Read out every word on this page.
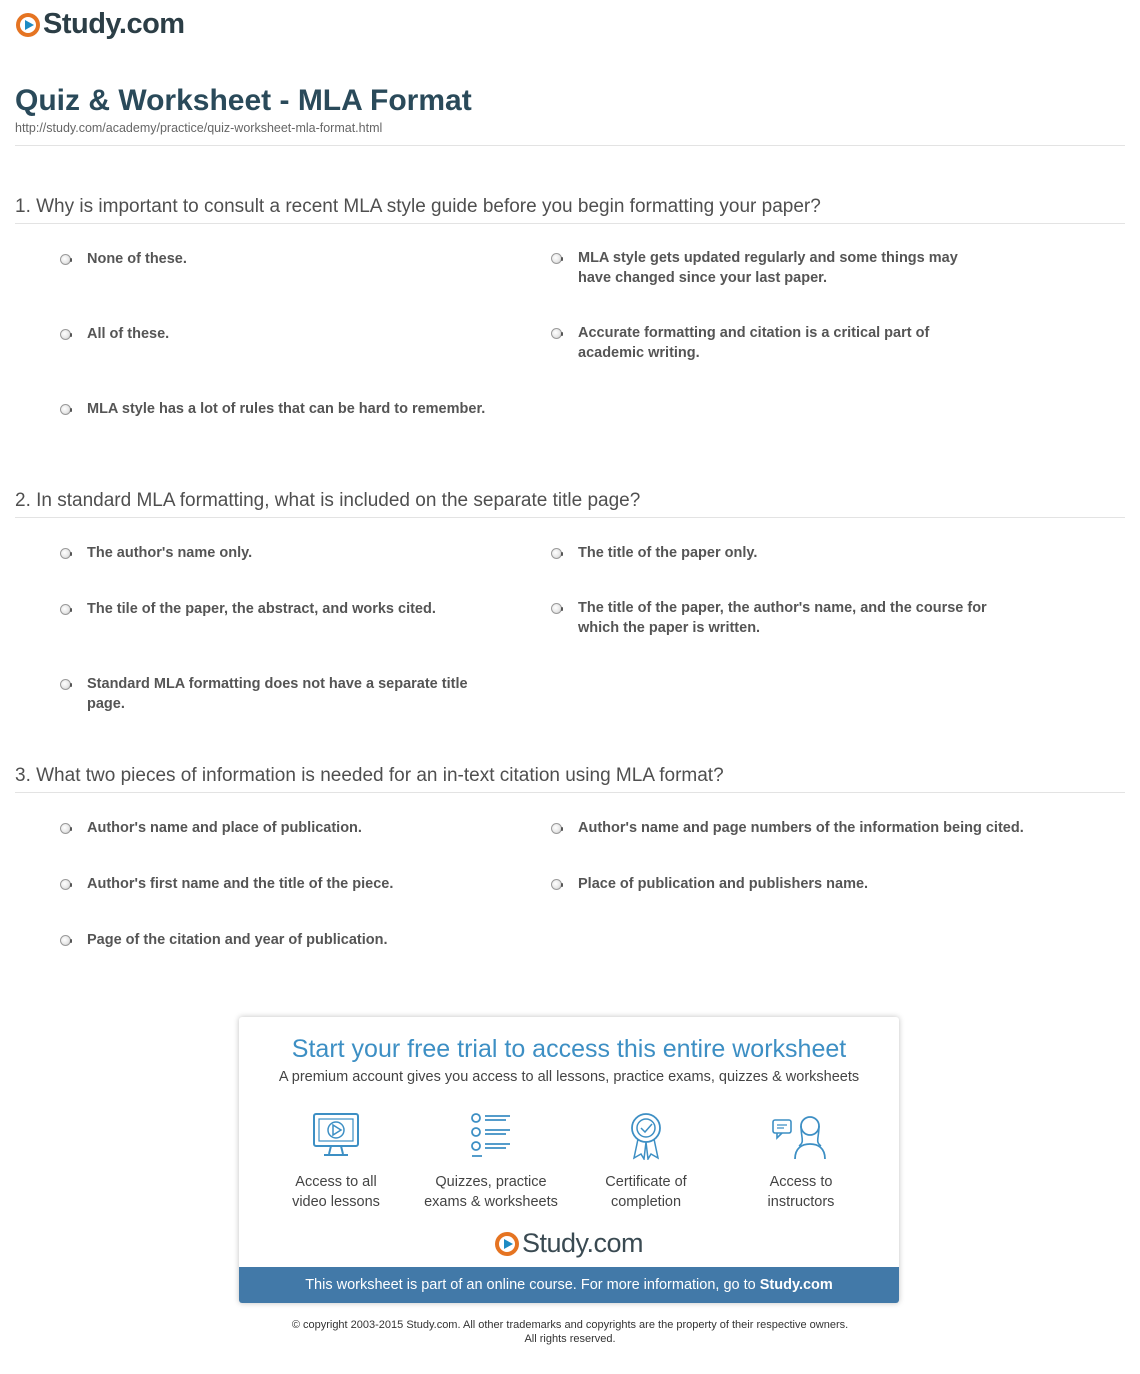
Study.com
Quiz & Worksheet - MLA Format
http://study.com/academy/practice/quiz-worksheet-mla-format.html
1. Why is important to consult a recent MLA style guide before you begin formatting your paper?
None of these.	MLA style gets updated regularly and some things may have changed since your last paper.
All of these.	Accurate formatting and citation is a critical part of academic writing.
MLA style has a lot of rules that can be hard to remember.
2. In standard MLA formatting, what is included on the separate title page?
The author's name only.	The title of the paper only.
The tile of the paper, the abstract, and works cited.	The title of the paper, the author's name, and the course for which the paper is written.
Standard MLA formatting does not have a separate title page.
3. What two pieces of information is needed for an in-text citation using MLA format?
Author's name and place of publication.	Author's name and page numbers of the information being cited.
Author's first name and the title of the piece.	Place of publication and publishers name.
Page of the citation and year of publication.
Start your free trial to access this entire worksheet
A premium account gives you access to all lessons, practice exams, quizzes & worksheets
Access to all
video lessons
Quizzes, practice
exams & worksheets
Certificate of
completion
Access to
instructors
Study.com
This worksheet is part of an online course. For more information, go to Study.com
© copyright 2003-2015 Study.com. All other trademarks and copyrights are the property of their respective owners.
All rights reserved.
